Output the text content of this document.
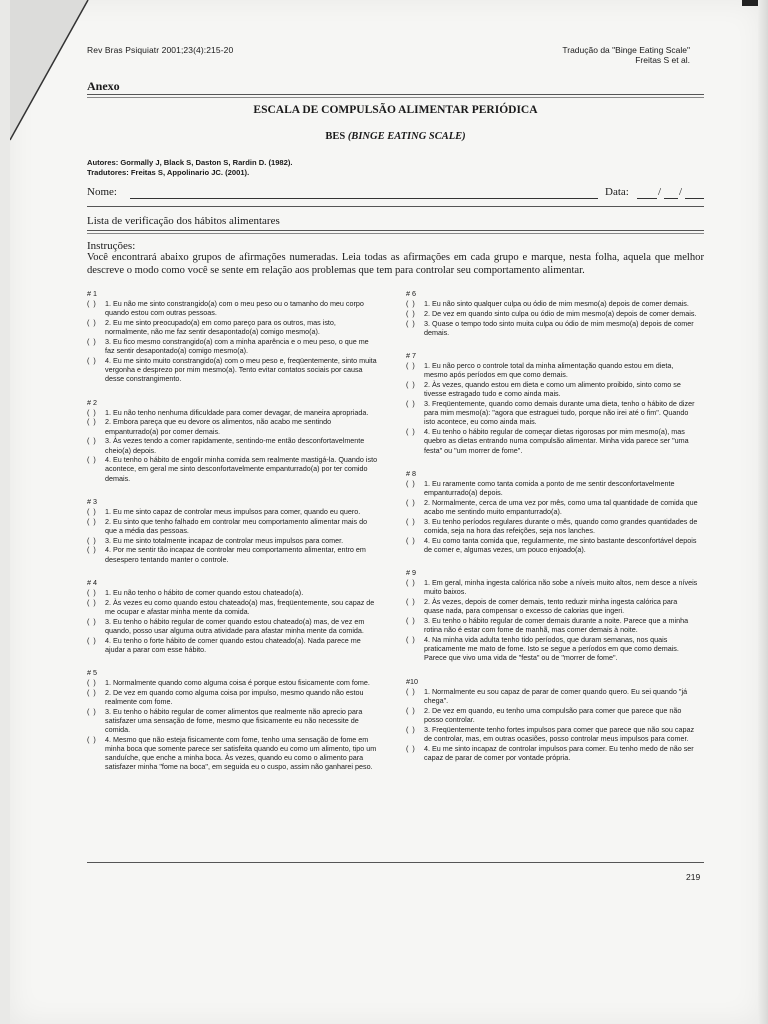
Rev Bras Psiquiatr 2001;23(4):215-20	Tradução da "Binge Eating Scale"
Freitas S et al.
Anexo
ESCALA DE COMPULSÃO ALIMENTAR PERIÓDICA
BES (BINGE EATING SCALE)
Autores: Gormally J, Black S, Daston S, Rardin D. (1982).
Tradutores: Freitas S, Appolinario JC. (2001).
Nome:	Data:	/ /
Lista de verificação dos hábitos alimentares
Instruções:
Você encontrará abaixo grupos de afirmações numeradas. Leia todas as afirmações em cada grupo e marque, nesta folha, aquela que melhor descreve o modo como você se sente em relação aos problemas que tem para controlar seu comportamento alimentar.
# 1
(  )	1. Eu não me sinto constrangido(a) com o meu peso ou o tamanho do meu corpo quando estou com outras pessoas.
(  )	2. Eu me sinto preocupado(a) em como pareço para os outros, mas isto, normalmente, não me faz sentir desapontado(a) comigo mesmo(a).
(  )	3. Eu fico mesmo constrangido(a) com a minha aparência e o meu peso, o que me faz sentir desapontado(a) comigo mesmo(a).
(  )	4. Eu me sinto muito constrangido(a) com o meu peso e, freqüentemente, sinto muita vergonha e desprezo por mim mesmo(a). Tento evitar contatos sociais por causa desse constrangimento.
# 2
(  )	1. Eu não tenho nenhuma dificuldade para comer devagar, de maneira apropriada.
(  )	2. Embora pareça que eu devore os alimentos, não acabo me sentindo empanturrado(a) por comer demais.
(  )	3. Às vezes tendo a comer rapidamente, sentindo-me então desconfortavelmente cheio(a) depois.
(  )	4. Eu tenho o hábito de engolir minha comida sem realmente mastigá-la. Quando isto acontece, em geral me sinto desconfortavelmente empanturrado(a) por ter comido demais.
# 3
(  )	1. Eu me sinto capaz de controlar meus impulsos para comer, quando eu quero.
(  )	2. Eu sinto que tenho falhado em controlar meu comportamento alimentar mais do que a média das pessoas.
(  )	3. Eu me sinto totalmente incapaz de controlar meus impulsos para comer.
(  )	4. Por me sentir tão incapaz de controlar meu comportamento alimentar, entro em desespero tentando manter o controle.
# 4
(  )	1. Eu não tenho o hábito de comer quando estou chateado(a).
(  )	2. Às vezes eu como quando estou chateado(a) mas, freqüentemente, sou capaz de me ocupar e afastar minha mente da comida.
(  )	3. Eu tenho o hábito regular de comer quando estou chateado(a) mas, de vez em quando, posso usar alguma outra atividade para afastar minha mente da comida.
(  )	4. Eu tenho o forte hábito de comer quando estou chateado(a). Nada parece me ajudar a parar com esse hábito.
# 5
(  )	1. Normalmente quando como alguma coisa é porque estou fisicamente com fome.
(  )	2. De vez em quando como alguma coisa por impulso, mesmo quando não estou realmente com fome.
(  )	3. Eu tenho o hábito regular de comer alimentos que realmente não aprecio para satisfazer uma sensação de fome, mesmo que fisicamente eu não necessite de comida.
(  )	4. Mesmo que não esteja fisicamente com fome, tenho uma sensação de fome em minha boca que somente parece ser satisfeita quando eu como um alimento, tipo um sanduíche, que enche a minha boca. Às vezes, quando eu como o alimento para satisfazer minha "fome na boca", em seguida eu o cuspo, assim não ganharei peso.
# 6
(  )	1. Eu não sinto qualquer culpa ou ódio de mim mesmo(a) depois de comer demais.
(  )	2. De vez em quando sinto culpa ou ódio de mim mesmo(a) depois de comer demais.
(  )	3. Quase o tempo todo sinto muita culpa ou ódio de mim mesmo(a) depois de comer demais.
# 7
(  )	1. Eu não perco o controle total da minha alimentação quando estou em dieta, mesmo após períodos em que como demais.
(  )	2. Às vezes, quando estou em dieta e como um alimento proibido, sinto como se tivesse estragado tudo e como ainda mais.
(  )	3. Freqüentemente, quando como demais durante uma dieta, tenho o hábito de dizer para mim mesmo(a): "agora que estraguei tudo, porque não irei até o fim". Quando isto acontece, eu como ainda mais.
(  )	4. Eu tenho o hábito regular de começar dietas rigorosas por mim mesmo(a), mas quebro as dietas entrando numa compulsão alimentar. Minha vida parece ser "uma festa" ou "um morrer de fome".
# 8
(  )	1. Eu raramente como tanta comida a ponto de me sentir desconfortavelmente empanturrado(a) depois.
(  )	2. Normalmente, cerca de uma vez por mês, como uma tal quantidade de comida que acabo me sentindo muito empanturrado(a).
(  )	3. Eu tenho períodos regulares durante o mês, quando como grandes quantidades de comida, seja na hora das refeições, seja nos lanches.
(  )	4. Eu como tanta comida que, regularmente, me sinto bastante desconfortável depois de comer e, algumas vezes, um pouco enjoado(a).
# 9
(  )	1. Em geral, minha ingesta calórica não sobe a níveis muito altos, nem desce a níveis muito baixos.
(  )	2. Às vezes, depois de comer demais, tento reduzir minha ingesta calórica para quase nada, para compensar o excesso de calorias que ingeri.
(  )	3. Eu tenho o hábito regular de comer demais durante a noite. Parece que a minha rotina não é estar com fome de manhã, mas comer demais à noite.
(  )	4. Na minha vida adulta tenho tido períodos, que duram semanas, nos quais praticamente me mato de fome. Isto se segue a períodos em que como demais. Parece que vivo uma vida de "festa" ou de "morrer de fome".
#10
(  )	1. Normalmente eu sou capaz de parar de comer quando quero. Eu sei quando "já chega".
(  )	2. De vez em quando, eu tenho uma compulsão para comer que parece que não posso controlar.
(  )	3. Freqüentemente tenho fortes impulsos para comer que parece que não sou capaz de controlar, mas, em outras ocasiões, posso controlar meus impulsos para comer.
(  )	4. Eu me sinto incapaz de controlar impulsos para comer. Eu tenho medo de não ser capaz de parar de comer por vontade própria.
219
